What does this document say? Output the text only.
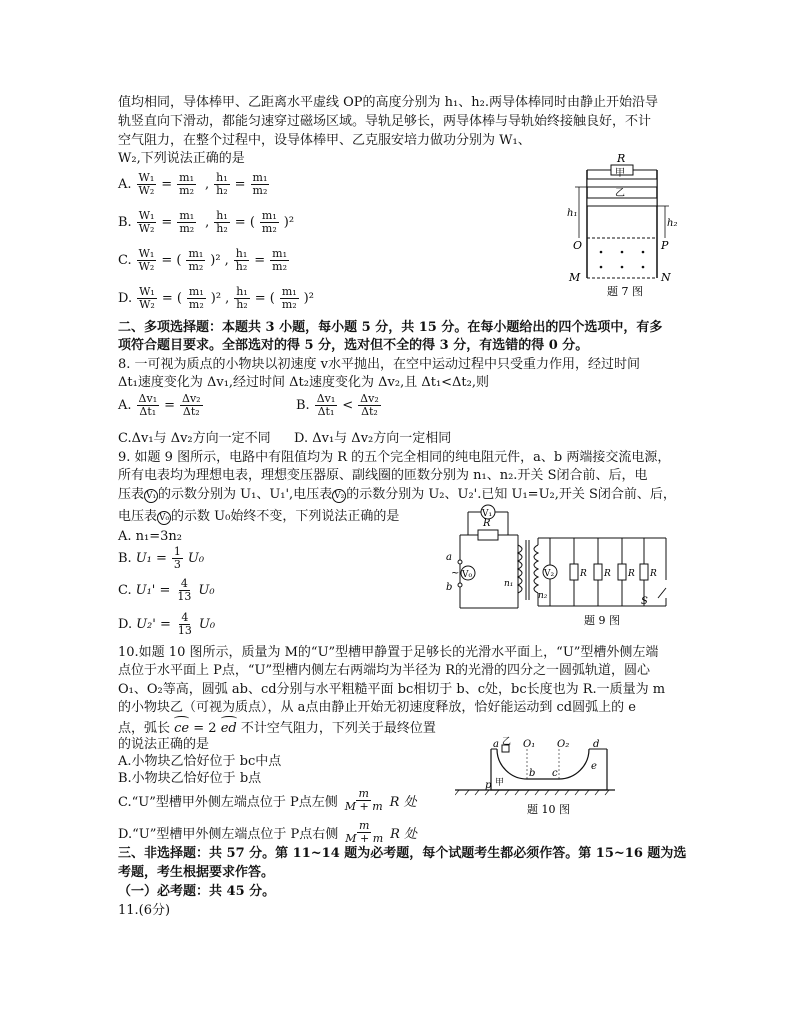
值均相同，导体棒甲、乙距离水平虚线 OP的高度分别为 h₁、h₂.两导体棒同时由静止开始沿导
轨竖直向下滑动，都能匀速穿过磁场区域。导轨足够长，两导体棒与导轨始终接触良好，不计
空气阻力，在整个过程中，设导体棒甲、乙克服安培力做功分别为 W₁、
W₂,下列说法正确的是
A. $\frac{\text{W₁}}{\text{W₂}} = \frac{\text{m₁}}{\text{m₂}}$ , $\frac{\text{h₁}}{\text{h₂}} = \frac{\text{m₁}}{\text{m₂}}$
B. $\frac{\text{W₁}}{\text{W₂}} = \frac{\text{m₁}}{\text{m₂}}$ , $\frac{\text{h₁}}{\text{h₂}}$ = ( $\frac{\text{m₁}}{\text{m₂}} )^2$
C. $\frac{\text{W₁}}{\text{W₂}}$ = ( $\frac{\text{m₁}}{\text{m₂}} )^2$ , $\frac{\text{h₁}}{\text{h₂}} = \frac{\text{m₁}}{\text{m₂}}$
D. $\frac{\text{W₁}}{\text{W₂}}$ = ( $\frac{\text{m₁}}{\text{m₂}} )^2$ , $\frac{\text{h₁}}{\text{h₂}}$ = ( $\frac{\text{m₁}}{\text{m₂}} )^2$
R
甲
乙
h₁
h₂
O	P
M	N
题 7 图
二、多项选择题：本题共 3 小题，每小题 5 分，共 15 分。在每小题给出的四个选项中，有多
项符合题目要求。全部选对的得 5 分，选对但不全的得 3 分，有选错的得 0 分。
8. 一可视为质点的小物块以初速度 v水平抛出，在空中运动过程中只受重力作用，经过时间
Δt₁速度变化为 Δv₁,经过时间 Δt₂速度变化为 Δv₂,且 Δt₁<Δt₂,则
A. $\frac{\text{Δv₁}}{\text{Δt₁}} = \frac{\text{Δv₂}}{\text{Δt₂}}$	B. $\frac{\text{Δv₁}}{\text{Δt₁}} < \frac{\text{Δv₂}}{\text{Δt₂}}$
C.Δv₁与 Δv₂方向一定不同 D. Δv₁与 Δv₂方向一定相同
9. 如题 9 图所示，电路中有阻值均为 R 的五个完全相同的纯电阻元件，a、b 两端接交流电源，
所有电表均为理想电表，理想变压器原、副线圈的匝数分别为 n₁、n₂.开关 S闭合前、后，电
压表 V₁ 的示数分别为 U₁、U₁',电压表 V₂ 的示数分别为 U₂、U₂'.已知 U₁=U₂,开关 S闭合前、后，
电压表 V₀ 的示数 U₀始终不变，下列说法正确的是
A. n₁=3n₂
B. $U_1 = \frac{1}{3} U_0$
C. $U_1' = \frac{4}{13} U_0$
D. $U_2' = \frac{4}{13} U_0$
V₁
R
a
b
~ V₀
n₁
n₂
V₂	R R R R
S
题 9 图
10.如题 10 图所示，质量为 M的“U”型槽甲静置于足够长的光滑水平面上，“U”型槽外侧左端
点位于水平面上 P点，“U”型槽内侧左右两端均为半径为 R的光滑的四分之一圆弧轨道，圆心
O₁、O₂等高，圆弧 ab、cd分别与水平粗糙平面 bc相切于 b、c处，bc长度也为 R.一质量为 m
的小物块乙（可视为质点），从 a点由静止开始无初速度释放，恰好能运动到 cd圆弧上的 e
点，弧长 ce = 2 ed 不计空气阻力，下列关于最终位置
的说法正确的是
A.小物块乙恰好位于 bc中点
B.小物块乙恰好位于 b点
C.“U”型槽甲外侧左端点位于 P点左侧 $\frac{m}{M + m}$ R 处
D.“U”型槽甲外侧左端点位于 P点右侧 $\frac{m}{M + m}$ R 处
a 乙 O₁ O₂ d
b c
e
p 甲
题 10 图
三、非选择题：共 57 分。第 11~14 题为必考题，每个试题考生都必须作答。第 15~16 题为选
考题，考生根据要求作答。
（一）必考题：共 45 分。
11.(6分)
